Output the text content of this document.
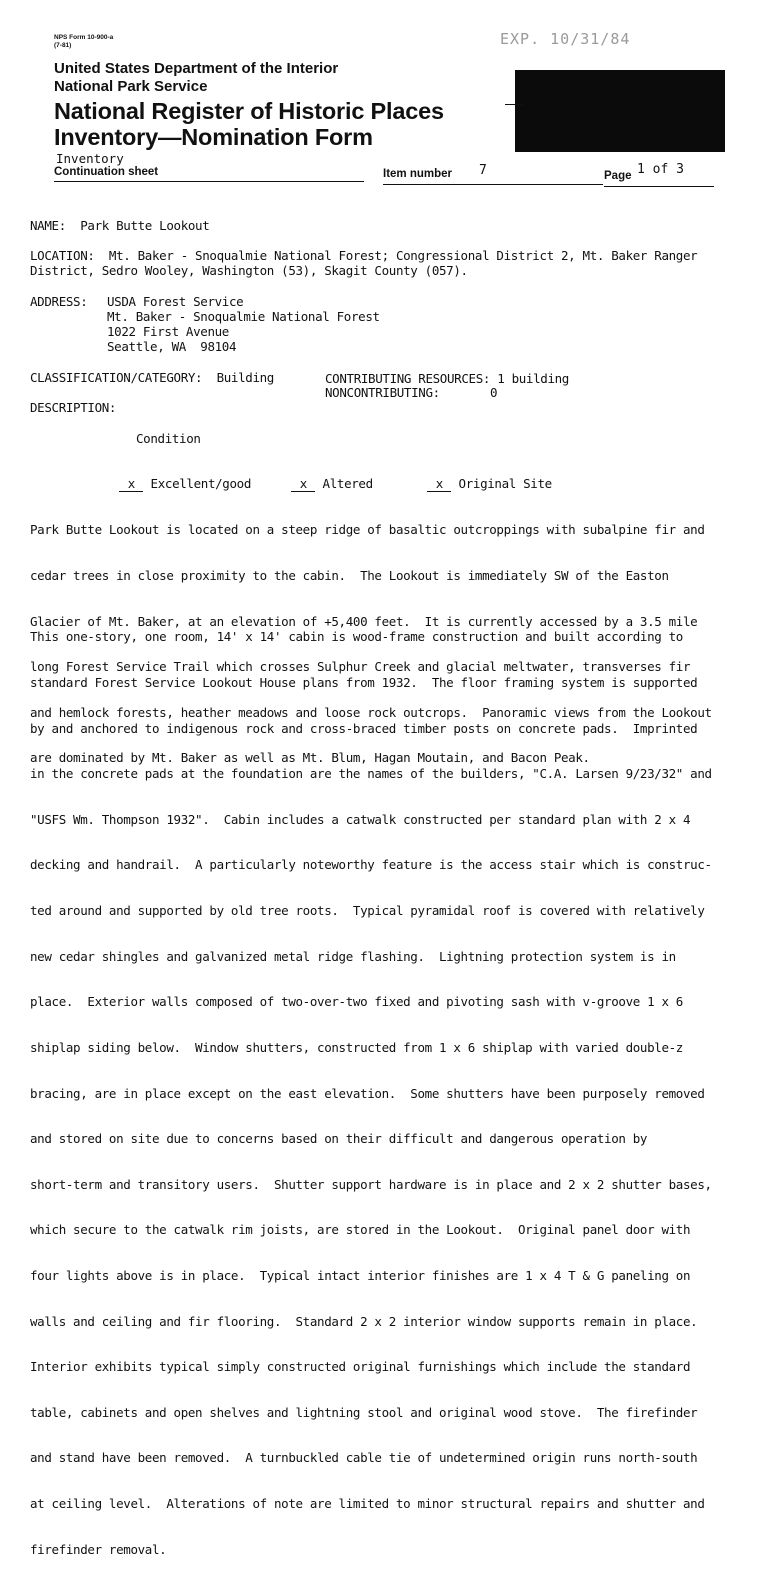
NPS Form 10-900-a
(7-81)	EXP. 10/31/84
United States Department of the Interior
National Park Service
National Register of Historic Places
Inventory—Nomination Form
Inventory
Continuation sheet	Item number 7	Page 1 of 3
NAME:  Park Butte Lookout
LOCATION:  Mt. Baker - Snoqualmie National Forest; Congressional District 2, Mt. Baker Ranger
District, Sedro Wooley, Washington (53), Skagit County (057).
ADDRESS: USDA Forest Service
Mt. Baker - Snoqualmie National Forest
1022 First Avenue
Seattle, WA  98104
CLASSIFICATION/CATEGORY:  Building	CONTRIBUTING RESOURCES: 1 building
NONCONTRIBUTING:       0
DESCRIPTION:
Condition

x Excellent/good	x Altered	x Original Site

Park Butte Lookout is located on a steep ridge of basaltic outcroppings with subalpine fir and

cedar trees in close proximity to the cabin.  The Lookout is immediately SW of the Easton

Glacier of Mt. Baker, at an elevation of +5,400 feet.  It is currently accessed by a 3.5 mile

long Forest Service Trail which crosses Sulphur Creek and glacial meltwater, transverses fir

and hemlock forests, heather meadows and loose rock outcrops.  Panoramic views from the Lookout

are dominated by Mt. Baker as well as Mt. Blum, Hagan Moutain, and Bacon Peak.

This one-story, one room, 14' x 14' cabin is wood-frame construction and built according to

standard Forest Service Lookout House plans from 1932.  The floor framing system is supported

by and anchored to indigenous rock and cross-braced timber posts on concrete pads.  Imprinted

in the concrete pads at the foundation are the names of the builders, "C.A. Larsen 9/23/32" and

"USFS Wm. Thompson 1932".  Cabin includes a catwalk constructed per standard plan with 2 x 4

decking and handrail.  A particularly noteworthy feature is the access stair which is construc-

ted around and supported by old tree roots.  Typical pyramidal roof is covered with relatively

new cedar shingles and galvanized metal ridge flashing.  Lightning protection system is in

place.  Exterior walls composed of two-over-two fixed and pivoting sash with v-groove 1 x 6

shiplap siding below.  Window shutters, constructed from 1 x 6 shiplap with varied double-z

bracing, are in place except on the east elevation.  Some shutters have been purposely removed

and stored on site due to concerns based on their difficult and dangerous operation by

short-term and transitory users.  Shutter support hardware is in place and 2 x 2 shutter bases,

which secure to the catwalk rim joists, are stored in the Lookout.  Original panel door with

four lights above is in place.  Typical intact interior finishes are 1 x 4 T & G paneling on

walls and ceiling and fir flooring.  Standard 2 x 2 interior window supports remain in place.

Interior exhibits typical simply constructed original furnishings which include the standard

table, cabinets and open shelves and lightning stool and original wood stove.  The firefinder

and stand have been removed.  A turnbuckled cable tie of undetermined origin runs north-south

at ceiling level.  Alterations of note are limited to minor structural repairs and shutter and

firefinder removal.
